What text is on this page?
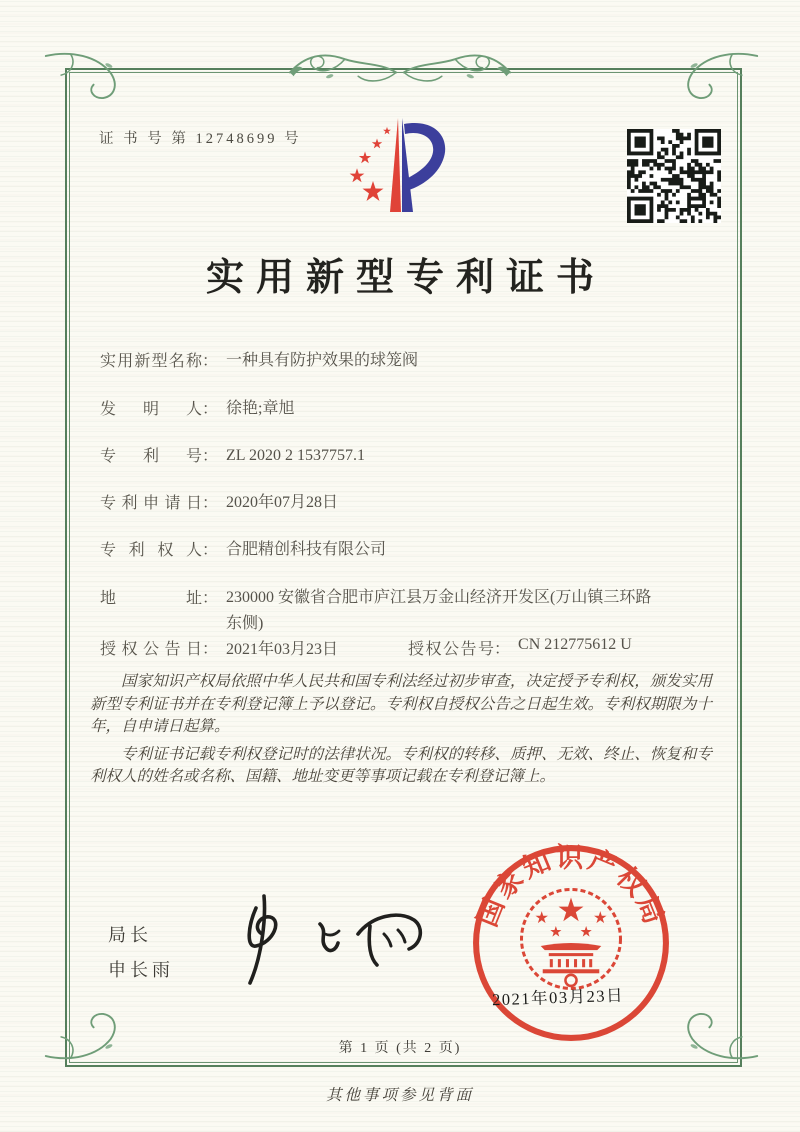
证 书 号 第 12748699 号
实用新型专利证书
实用新型名称 ： 一种具有防护效果的球笼阀
发明人 ： 徐艳;章旭
专利号 ： ZL 2020 2 1537757.1
专利申请日 ： 2020年07月28日
专利权人 ： 合肥精创科技有限公司
地址 ： 230000 安徽省合肥市庐江县万金山经济开发区(万山镇三环路东侧)
授权公告日 ： 2021年03月23日	授权公告号 ： CN 212775612 U

国家知识产权局依照中华人民共和国专利法经过初步审查，决定授予专利权，颁发实用新型专利证书并在专利登记簿上予以登记。专利权自授权公告之日起生效。专利权期限为十年，自申请日起算。

专利证书记载专利权登记时的法律状况。专利权的转移、质押、无效、终止、恢复和专利权人的姓名或名称、国籍、地址变更等事项记载在专利登记簿上。

局长
申长雨
国家知识产权局
2021年03月23日
第 1 页 (共 2 页)
其他事项参见背面
